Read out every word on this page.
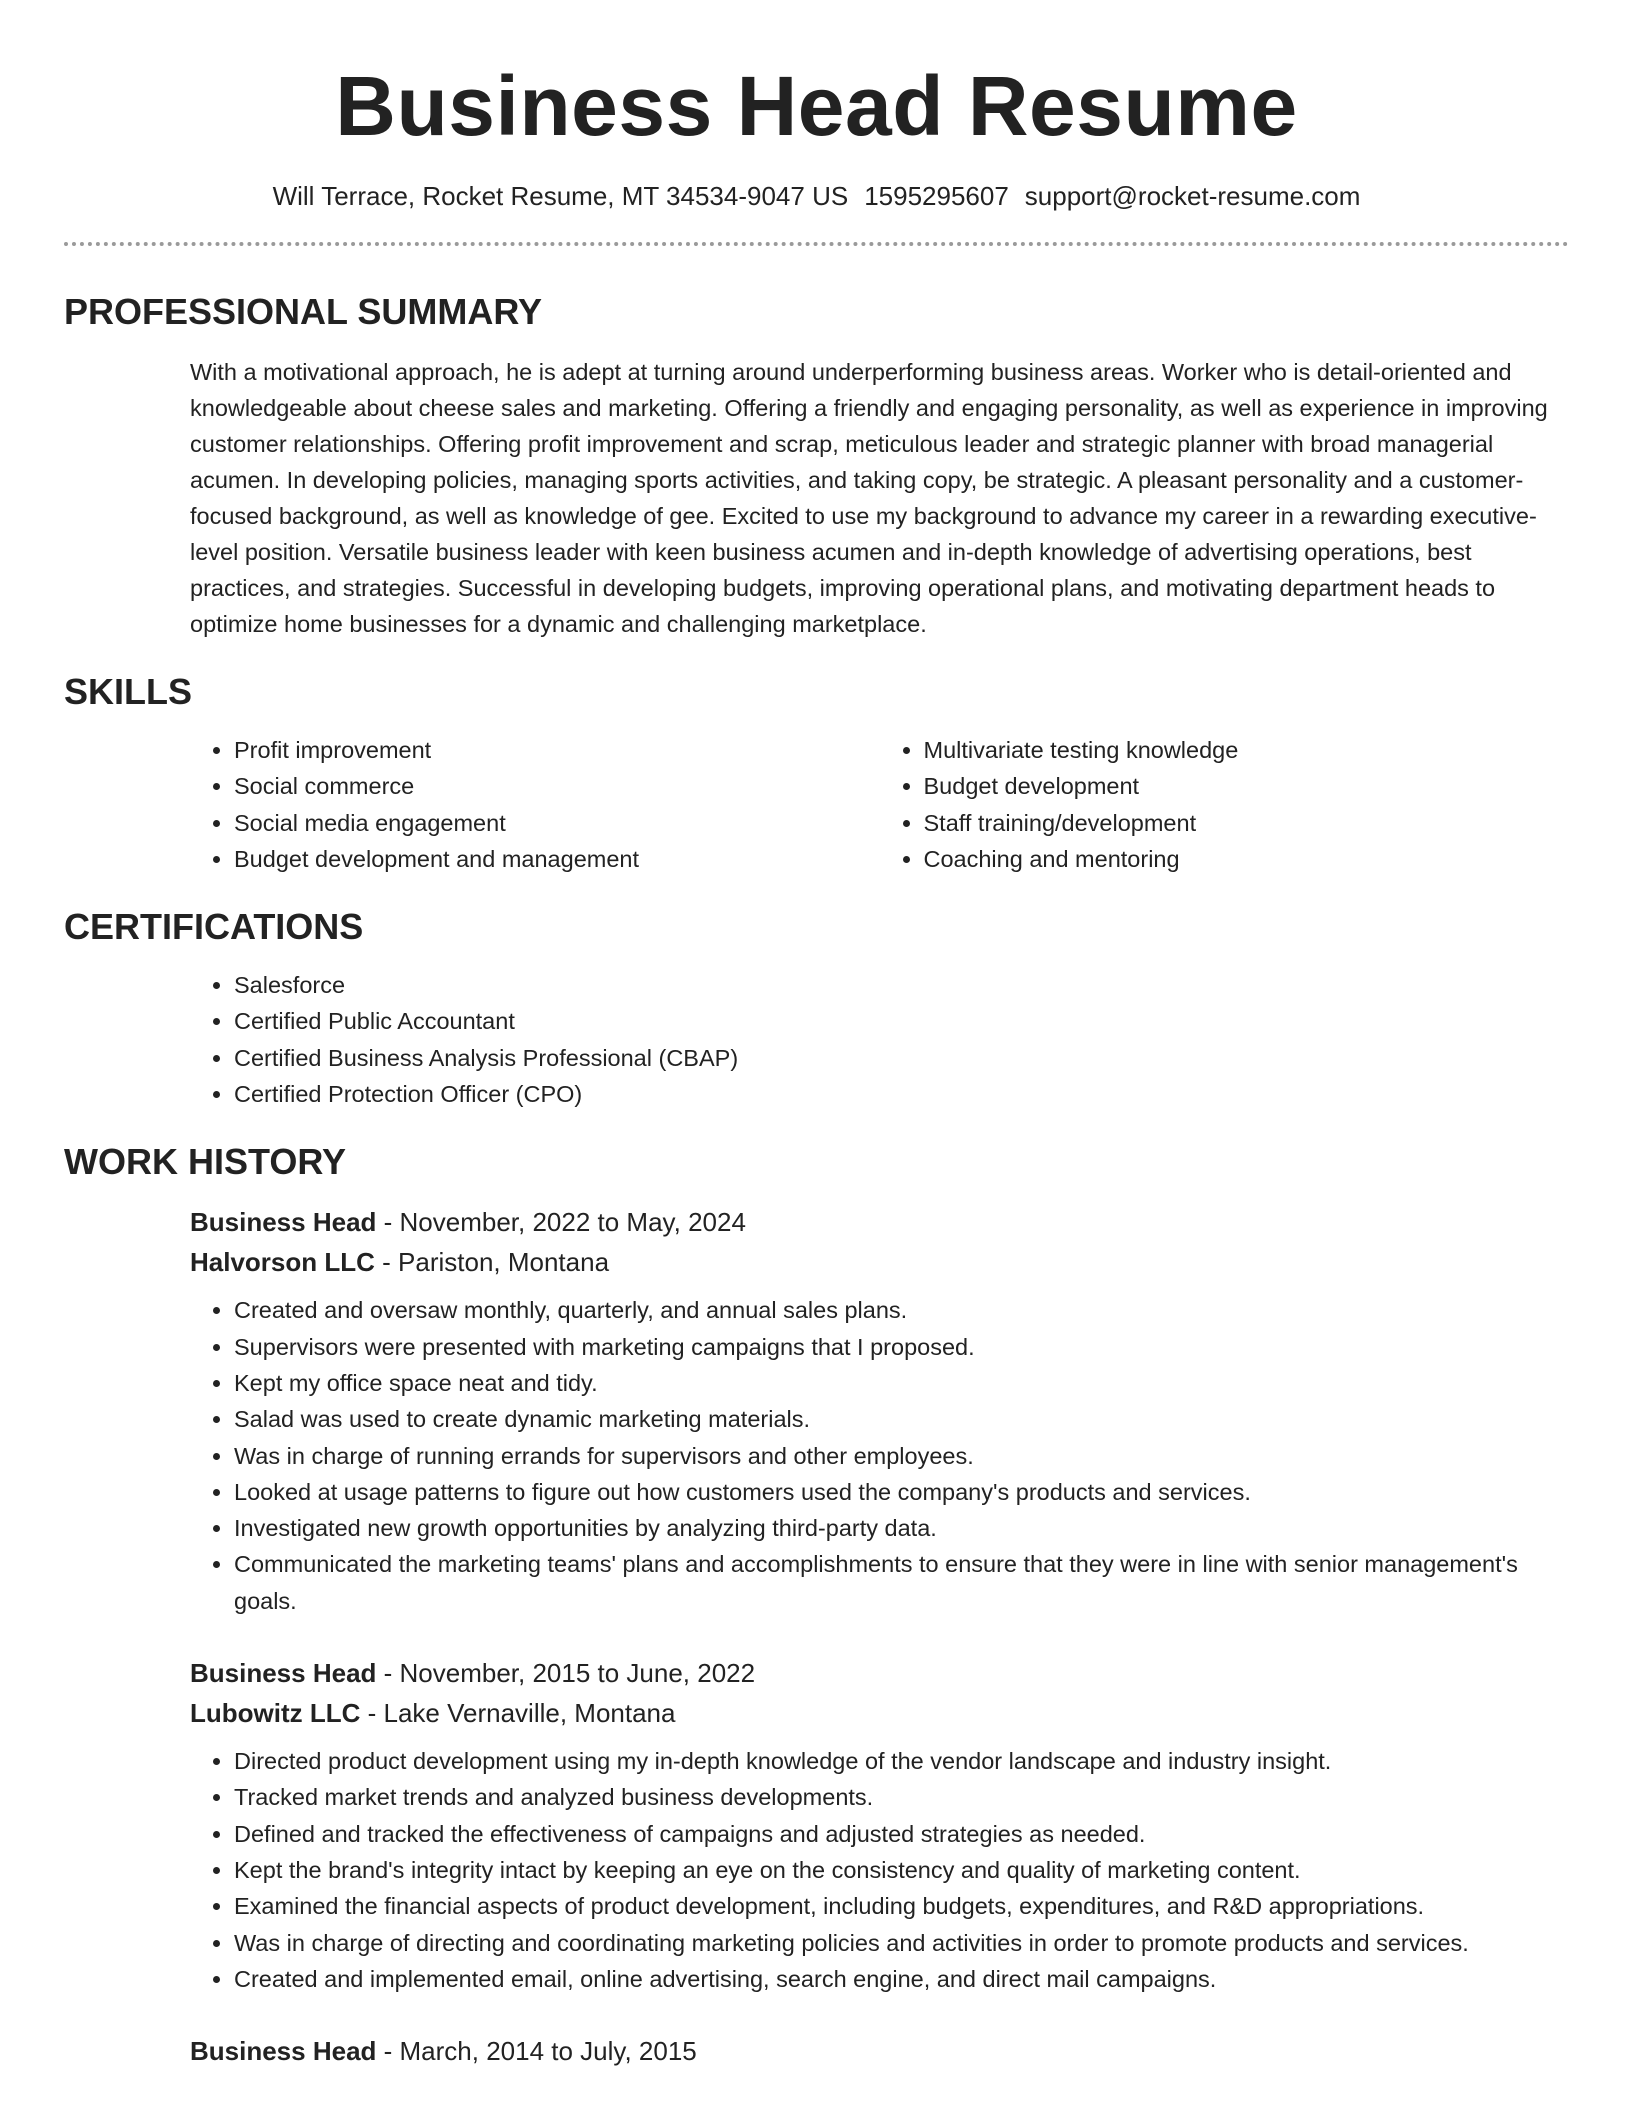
Business Head Resume
Will Terrace, Rocket Resume, MT 34534-9047 US 1595295607 support@rocket-resume.com
PROFESSIONAL SUMMARY

With a motivational approach, he is adept at turning around underperforming business areas. Worker who is detail-oriented and knowledgeable about cheese sales and marketing. Offering a friendly and engaging personality, as well as experience in improving customer relationships. Offering profit improvement and scrap, meticulous leader and strategic planner with broad managerial acumen. In developing policies, managing sports activities, and taking copy, be strategic. A pleasant personality and a customer-focused background, as well as knowledge of gee. Excited to use my background to advance my career in a rewarding executive-level position. Versatile business leader with keen business acumen and in-depth knowledge of advertising operations, best practices, and strategies. Successful in developing budgets, improving operational plans, and motivating department heads to optimize home businesses for a dynamic and challenging marketplace.

SKILLS
• Profit improvement
• Social commerce
• Social media engagement
• Budget development and management
• Multivariate testing knowledge
• Budget development
• Staff training/development
• Coaching and mentoring
CERTIFICATIONS
• Salesforce
• Certified Public Accountant
• Certified Business Analysis Professional (CBAP)
• Certified Protection Officer (CPO)
WORK HISTORY
Business Head - November, 2022 to May, 2024
Halvorson LLC - Pariston, Montana
• Created and oversaw monthly, quarterly, and annual sales plans.
• Supervisors were presented with marketing campaigns that I proposed.
• Kept my office space neat and tidy.
• Salad was used to create dynamic marketing materials.
• Was in charge of running errands for supervisors and other employees.
• Looked at usage patterns to figure out how customers used the company's products and services.
• Investigated new growth opportunities by analyzing third-party data.
• Communicated the marketing teams' plans and accomplishments to ensure that they were in line with senior management's goals.
Business Head - November, 2015 to June, 2022
Lubowitz LLC - Lake Vernaville, Montana
• Directed product development using my in-depth knowledge of the vendor landscape and industry insight.
• Tracked market trends and analyzed business developments.
• Defined and tracked the effectiveness of campaigns and adjusted strategies as needed.
• Kept the brand's integrity intact by keeping an eye on the consistency and quality of marketing content.
• Examined the financial aspects of product development, including budgets, expenditures, and R&D appropriations.
• Was in charge of directing and coordinating marketing policies and activities in order to promote products and services.
• Created and implemented email, online advertising, search engine, and direct mail campaigns.
Business Head - March, 2014 to July, 2015
